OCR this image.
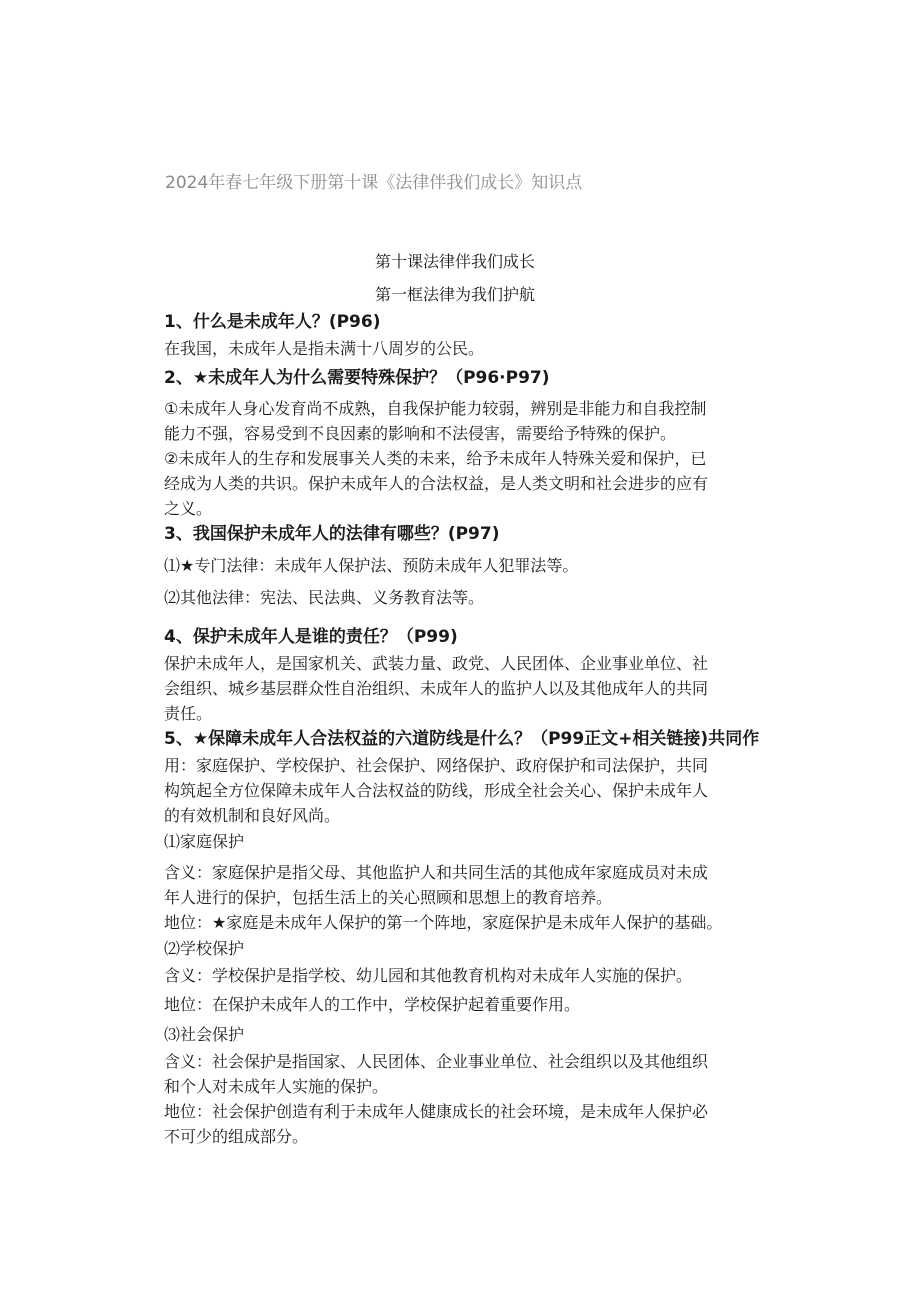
2024年春七年级下册第十课《法律伴我们成长》知识点
第十课法律伴我们成长
第一框法律为我们护航
1、什么是未成年人？(P96)
在我国，未成年人是指未满十八周岁的公民。
2、★未成年人为什么需要特殊保护？（P96·P97)
①未成年人身心发育尚不成熟，自我保护能力较弱，辨别是非能力和自我控制
能力不强，容易受到不良因素的影响和不法侵害，需要给予特殊的保护。
②未成年人的生存和发展事关人类的未来，给予未成年人特殊关爱和保护，已
经成为人类的共识。保护未成年人的合法权益，是人类文明和社会进步的应有
之义。
3、我国保护未成年人的法律有哪些？(P97)
⑴★专门法律：未成年人保护法、预防未成年人犯罪法等。
⑵其他法律：宪法、民法典、义务教育法等。
4、保护未成年人是谁的责任？（P99)
保护未成年人，是国家机关、武装力量、政党、人民团体、企业事业单位、社
会组织、城乡基层群众性自治组织、未成年人的监护人以及其他成年人的共同
责任。
5、★保障未成年人合法权益的六道防线是什么？（P99正文+相关链接)共同作
用：家庭保护、学校保护、社会保护、网络保护、政府保护和司法保护，共同
构筑起全方位保障未成年人合法权益的防线，形成全社会关心、保护未成年人
的有效机制和良好风尚。
⑴家庭保护
含义：家庭保护是指父母、其他监护人和共同生活的其他成年家庭成员对未成
年人进行的保护，包括生活上的关心照顾和思想上的教育培养。
地位：★家庭是未成年人保护的第一个阵地，家庭保护是未成年人保护的基础。
⑵学校保护
含义：学校保护是指学校、幼儿园和其他教育机构对未成年人实施的保护。
地位：在保护未成年人的工作中，学校保护起着重要作用。
⑶社会保护
含义：社会保护是指国家、人民团体、企业事业单位、社会组织以及其他组织
和个人对未成年人实施的保护。
地位：社会保护创造有利于未成年人健康成长的社会环境，是未成年人保护必
不可少的组成部分。
